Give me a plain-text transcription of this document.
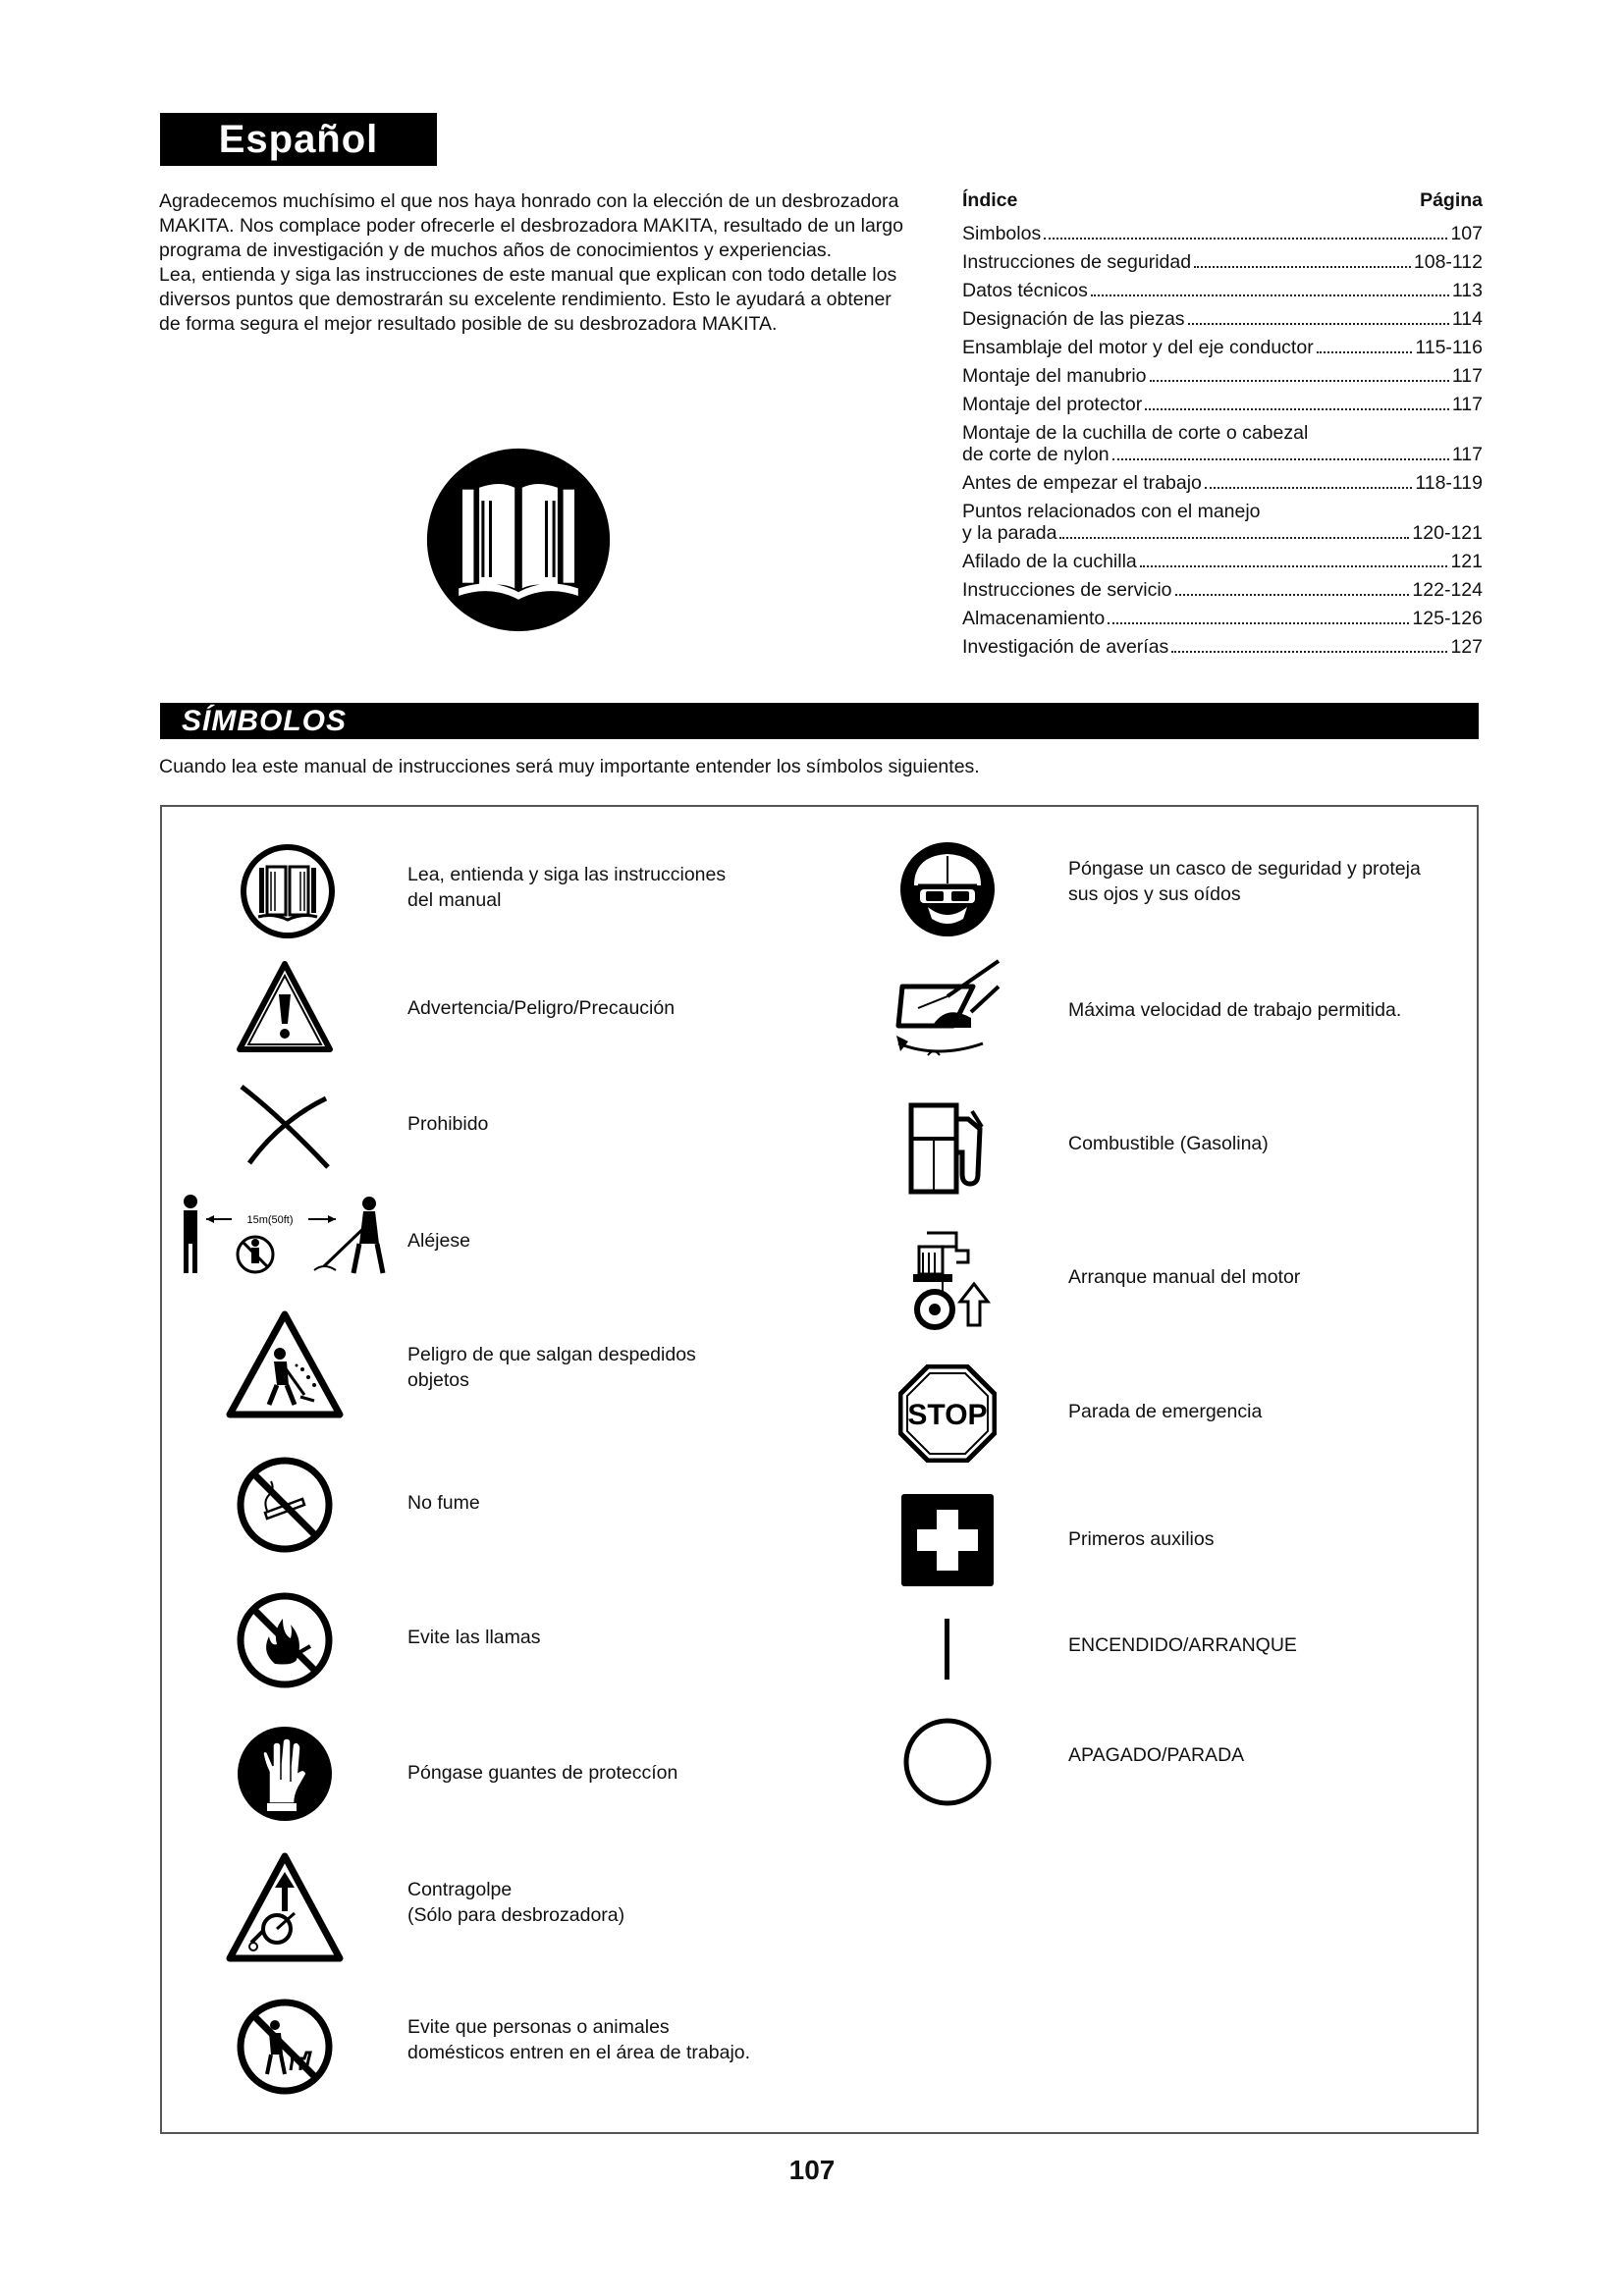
Español

Agradecemos muchísimo el que nos haya honrado con la elección de un desbrozadora MAKITA. Nos complace poder ofrecerle el desbrozadora MAKITA, resultado de un largo programa de investigación y de muchos años de conocimientos y experiencias.

Lea, entienda y siga las instrucciones de este manual que explican con todo detalle los diversos puntos que demostrarán su excelente rendimiento. Esto le ayudará a obtener de forma segura el mejor resultado posible de su desbrozadora MAKITA.

Índice	Página
Simbolos	107
Instrucciones de seguridad	108-112
Datos técnicos	113
Designación de las piezas	114
Ensamblaje del motor y del eje conductor	115-116
Montaje del manubrio	117
Montaje del protector	117
Montaje de la cuchilla de corte o cabezal
de corte de nylon	117
Antes de empezar el trabajo	118-119
Puntos relacionados con el manejo
y la parada	120-121
Afilado de la cuchilla	121
Instrucciones de servicio	122-124
Almacenamiento	125-126
Investigación de averías	127
SÍMBOLOS
Cuando lea este manual de instrucciones será muy importante entender los símbolos siguientes.
Lea, entienda y siga las instrucciones
del manual
Advertencia/Peligro/Precaución
Prohibido
15m(50ft)
Aléjese
Peligro de que salgan despedidos
objetos
No fume
Evite las llamas
Póngase guantes de proteccíon
Contragolpe
(Sólo para desbrozadora)
Evite que personas o animales
domésticos entren en el área de trabajo.
Póngase un casco de seguridad y proteja
sus ojos y sus oídos
Máxima velocidad de trabajo permitida.
Combustible (Gasolina)
Arranque manual del motor
STOP	Parada de emergencia
Primeros auxilios
ENCENDIDO/ARRANQUE
APAGADO/PARADA
107
